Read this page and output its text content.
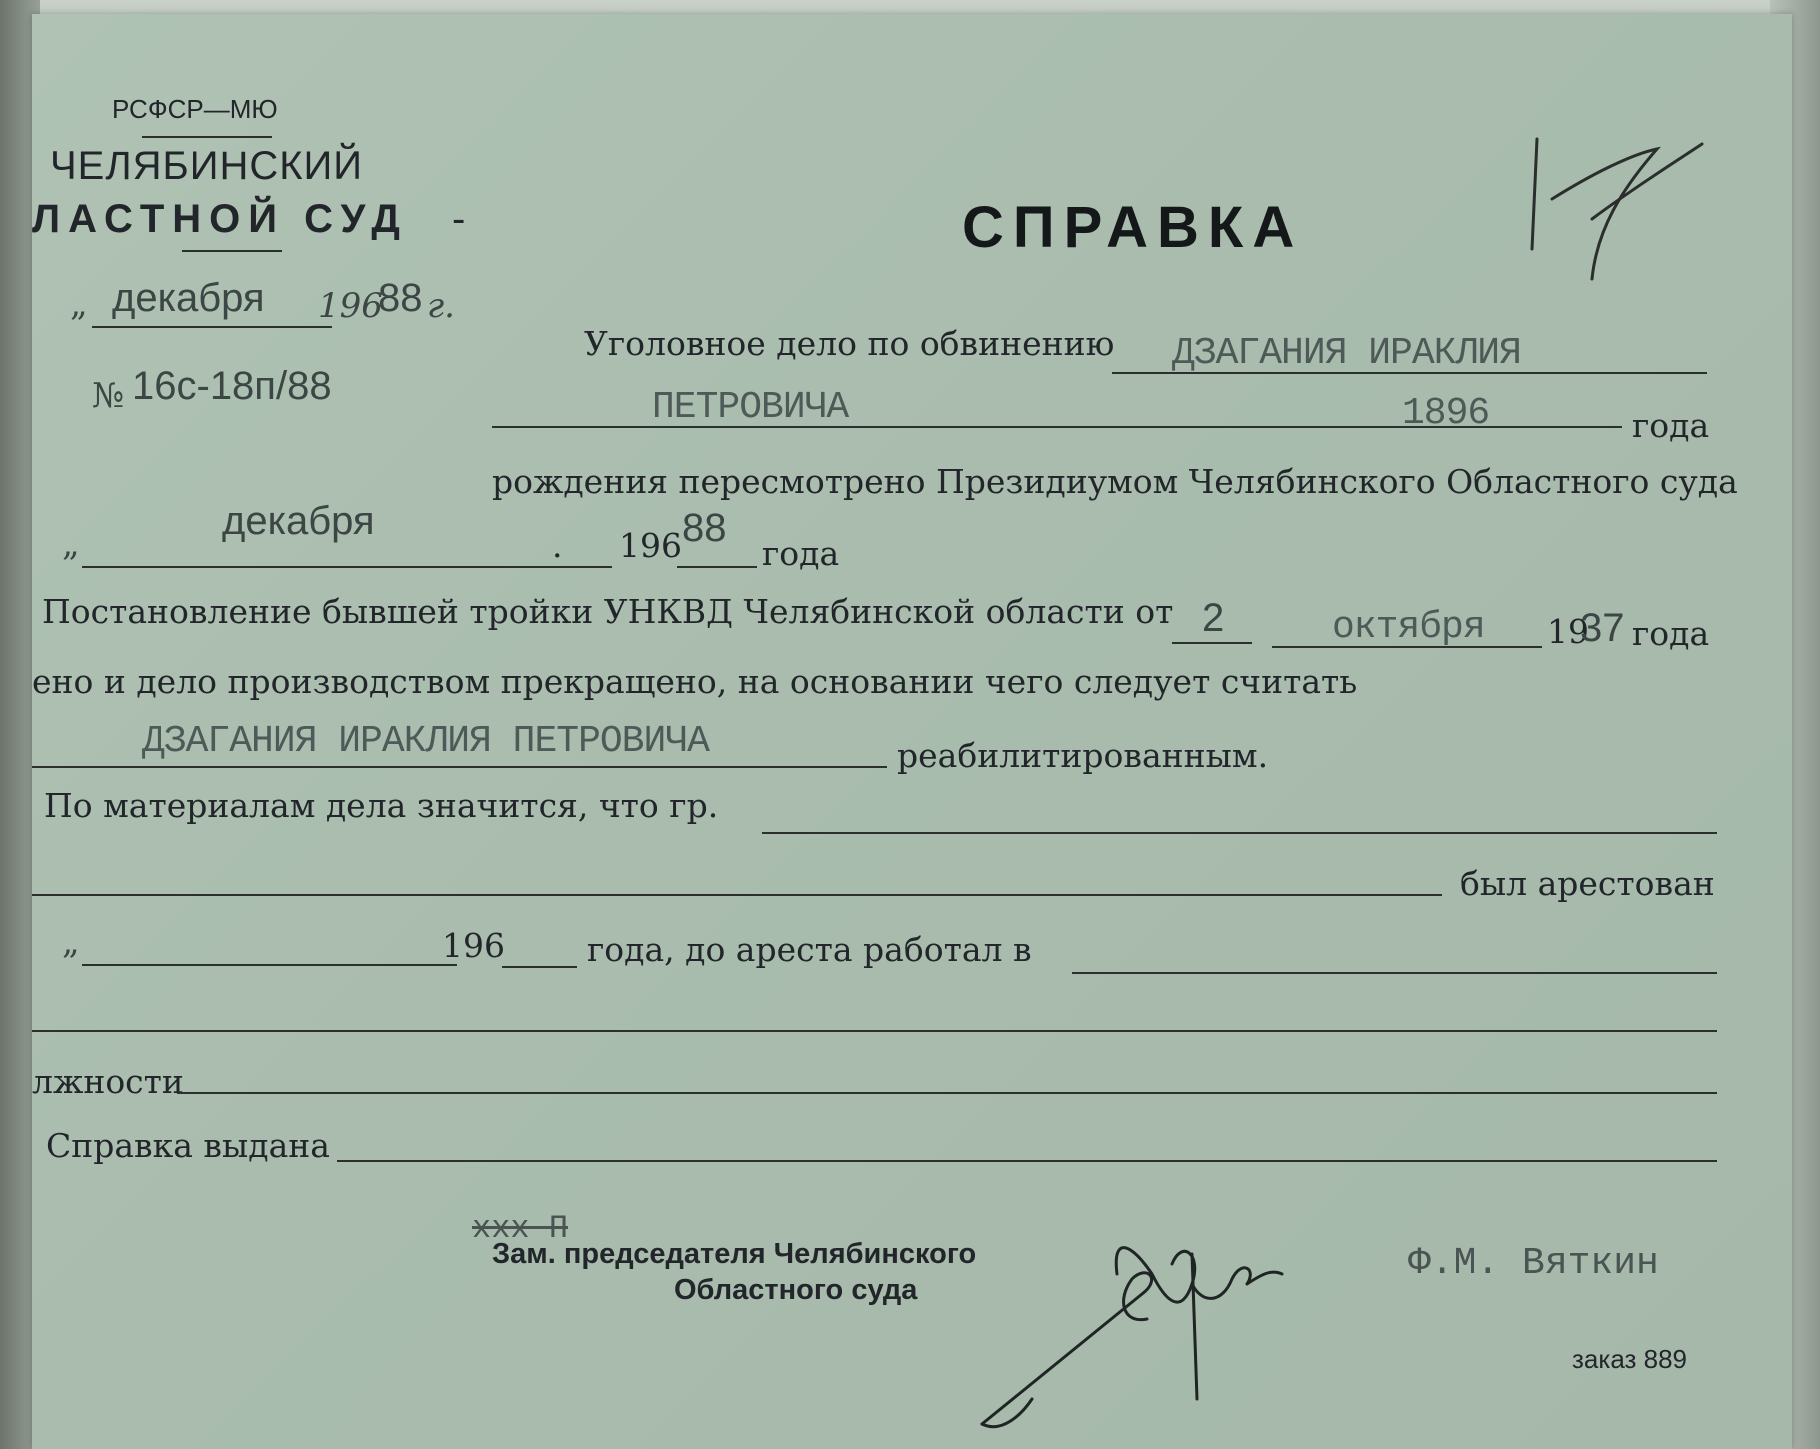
РСФСР—МЮ
ЧЕЛЯБИНСКИЙ
ЛАСТНОЙ СУД -
„ декабря 196
88 г.
№ 16с-18п/88
СПРАВКА
Уголовное дело по обвинению ДЗАГАНИЯ ИРАКЛИЯ
ПЕТРОВИЧА	1896	года
рождения пересмотрено Президиумом Челябинского Областного суда
„
декабря
. 196 88
года
Постановление бывшей тройки УНКВД Челябинской области от 2	октября 19
37 года
ено и дело производством прекращено, на основании чего следует считать
ДЗАГАНИЯ ИРАКЛИЯ ПЕТРОВИЧА	реабилитированным.
По материалам дела значится, что гр.
был арестован
„	196 года, до ареста работал в
лжности
Справка выдана
ххх П
Зам. председателя Челябинского
Областного суда
Ф.М. Вяткин
заказ 889
